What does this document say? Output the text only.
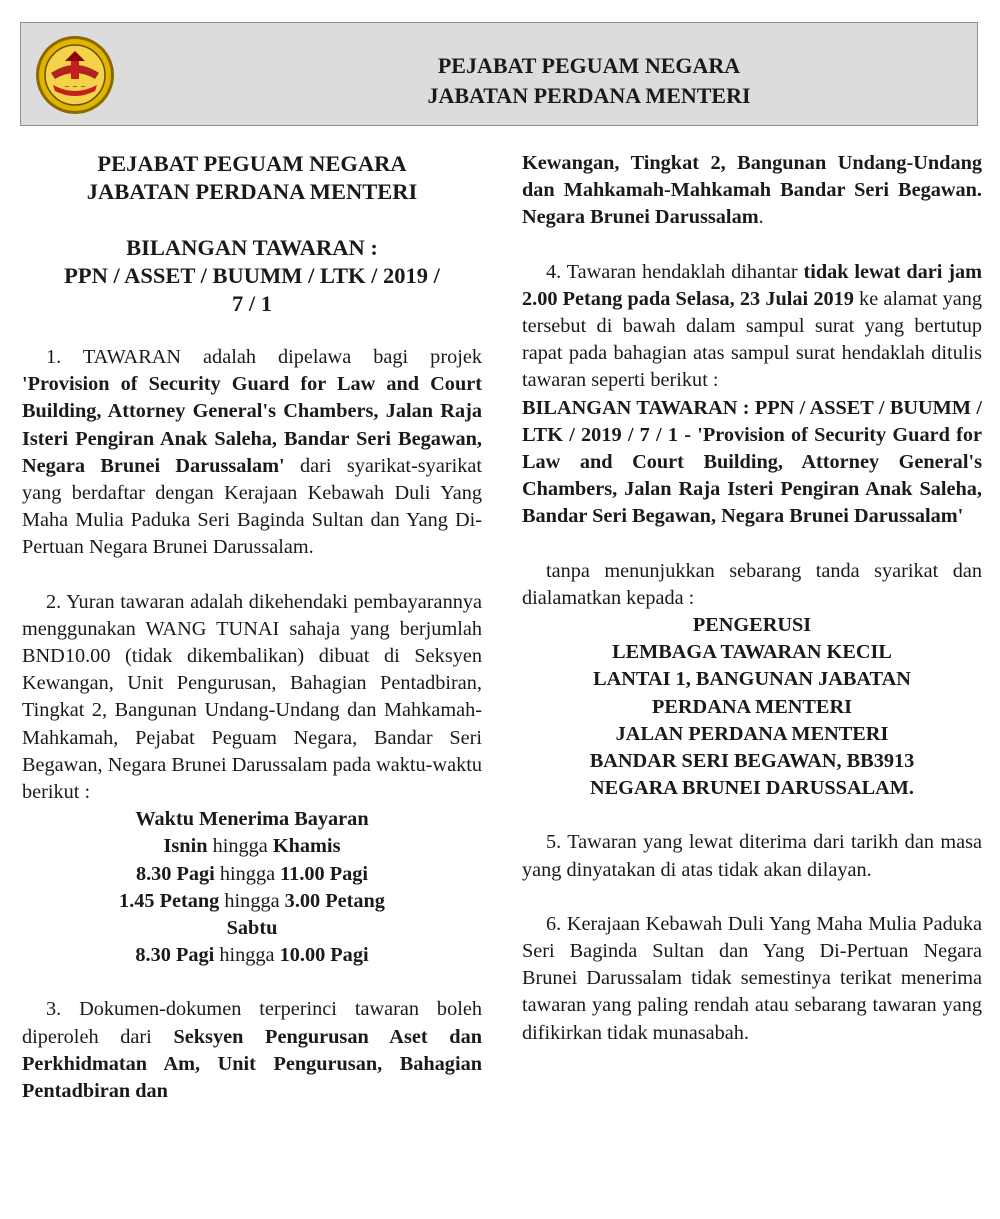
~ ~ ~
PEJABAT PEGUAM NEGARA
JABATAN PERDANA MENTERI
PEJABAT PEGUAM NEGARA
JABATAN PERDANA MENTERI
BILANGAN TAWARAN :
PPN / ASSET / BUUMM / LTK / 2019 /
7 / 1

1. TAWARAN adalah dipelawa bagi projek 'Provision of Security Guard for Law and Court Building, Attorney General's Chambers, Jalan Raja Isteri Pengiran Anak Saleha, Bandar Seri Begawan, Negara Brunei Darussalam' dari syarikat-syarikat yang berdaftar dengan Kerajaan Kebawah Duli Yang Maha Mulia Paduka Seri Baginda Sultan dan Yang Di-Pertuan Negara Brunei Darussalam.

2. Yuran tawaran adalah dikehendaki pembayarannya menggunakan WANG TUNAI sahaja yang berjumlah BND10.00 (tidak dikembalikan) dibuat di Seksyen Kewangan, Unit Pengurusan, Bahagian Pentadbiran, Tingkat 2, Bangunan Undang-Undang dan Mahkamah-Mahkamah, Pejabat Peguam Negara, Bandar Seri Begawan, Negara Brunei Darussalam pada waktu-waktu berikut :

Waktu Menerima Bayaran
Isnin hingga Khamis
8.30 Pagi hingga 11.00 Pagi
1.45 Petang hingga 3.00 Petang
Sabtu
8.30 Pagi hingga 10.00 Pagi

3. Dokumen-dokumen terperinci tawaran boleh diperoleh dari Seksyen Pengurusan Aset dan Perkhidmatan Am, Unit Pengurusan, Bahagian Pentadbiran dan

Kewangan, Tingkat 2, Bangunan Undang-Undang dan Mahkamah-Mahkamah Bandar Seri Begawan. Negara Brunei Darussalam.

4. Tawaran hendaklah dihantar tidak lewat dari jam 2.00 Petang pada Selasa, 23 Julai 2019 ke alamat yang tersebut di bawah dalam sampul surat yang bertutup rapat pada bahagian atas sampul surat hendaklah ditulis tawaran seperti berikut :

BILANGAN TAWARAN : PPN / ASSET / BUUMM / LTK / 2019 / 7 / 1 - 'Provision of Security Guard for Law and Court Building, Attorney General's Chambers, Jalan Raja Isteri Pengiran Anak Saleha, Bandar Seri Begawan, Negara Brunei Darussalam'

tanpa menunjukkan sebarang tanda syarikat dan dialamatkan kepada :

PENGERUSI
LEMBAGA TAWARAN KECIL
LANTAI 1, BANGUNAN JABATAN
PERDANA MENTERI
JALAN PERDANA MENTERI
BANDAR SERI BEGAWAN, BB3913
NEGARA BRUNEI DARUSSALAM.

5. Tawaran yang lewat diterima dari tarikh dan masa yang dinyatakan di atas tidak akan dilayan.

6. Kerajaan Kebawah Duli Yang Maha Mulia Paduka Seri Baginda Sultan dan Yang Di-Pertuan Negara Brunei Darussalam tidak semestinya terikat menerima tawaran yang paling rendah atau sebarang tawaran yang difikirkan tidak munasabah.
